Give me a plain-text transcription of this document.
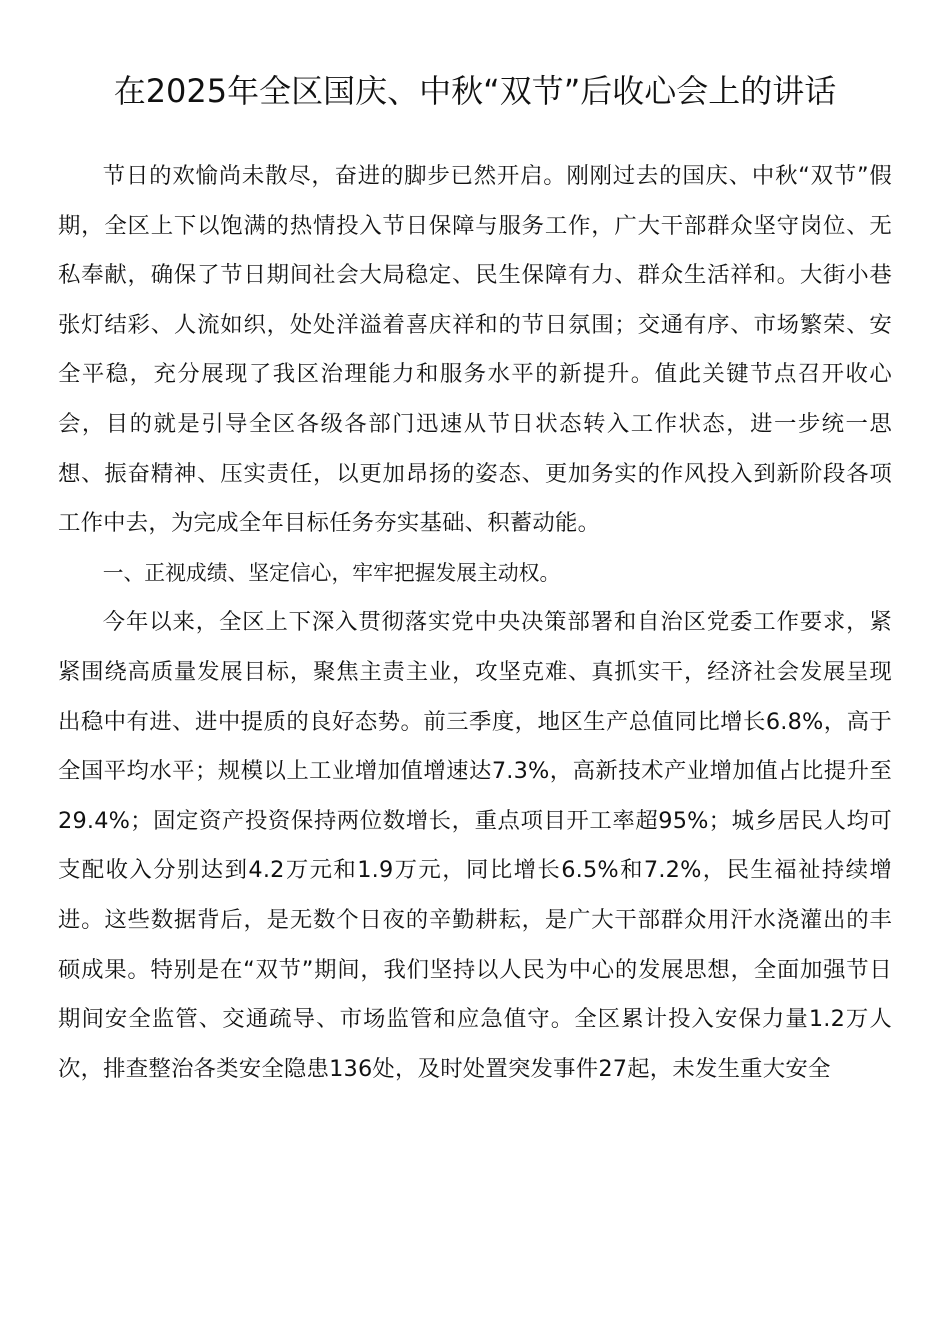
在2025年全区国庆、中秋“双节”后收心会上的讲话

节日的欢愉尚未散尽，奋进的脚步已然开启。刚刚过去的国庆、中秋“双节”假期，全区上下以饱满的热情投入节日保障与服务工作，广大干部群众坚守岗位、无私奉献，确保了节日期间社会大局稳定、民生保障有力、群众生活祥和。大街小巷张灯结彩、人流如织，处处洋溢着喜庆祥和的节日氛围；交通有序、市场繁荣、安全平稳，充分展现了我区治理能力和服务水平的新提升。值此关键节点召开收心会，目的就是引导全区各级各部门迅速从节日状态转入工作状态，进一步统一思想、振奋精神、压实责任，以更加昂扬的姿态、更加务实的作风投入到新阶段各项工作中去，为完成全年目标任务夯实基础、积蓄动能。

一、正视成绩、坚定信心，牢牢把握发展主动权。

今年以来，全区上下深入贯彻落实党中央决策部署和自治区党委工作要求，紧紧围绕高质量发展目标，聚焦主责主业，攻坚克难、真抓实干，经济社会发展呈现出稳中有进、进中提质的良好态势。前三季度，地区生产总值同比增长6.8%，高于全国平均水平；规模以上工业增加值增速达7.3%，高新技术产业增加值占比提升至29.4%；固定资产投资保持两位数增长，重点项目开工率超95%；城乡居民人均可支配收入分别达到4.2万元和1.9万元，同比增长6.5%和7.2%，民生福祉持续增进。这些数据背后，是无数个日夜的辛勤耕耘，是广大干部群众用汗水浇灌出的丰硕成果。特别是在“双节”期间，我们坚持以人民为中心的发展思想，全面加强节日期间安全监管、交通疏导、市场监管和应急值守。全区累计投入安保力量1.2万人次，排查整治各类安全隐患136处，及时处置突发事件27起，未发生重大安全
